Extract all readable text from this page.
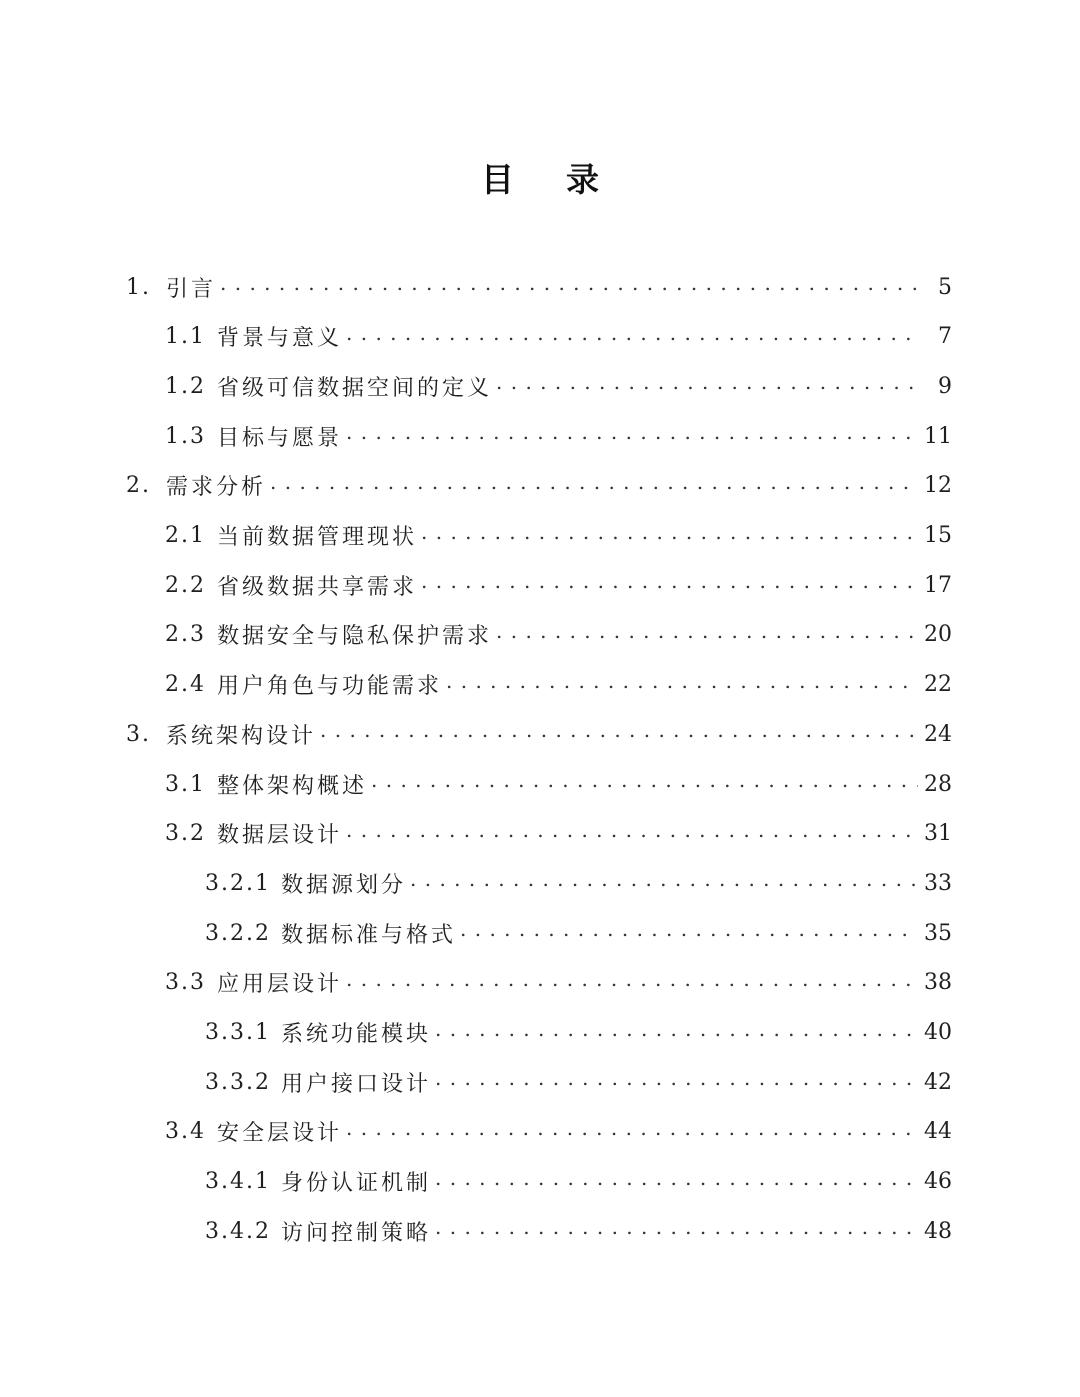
目录
1. 引言 . . .	5
1.1 背景与意义 . . .	7
1.2 省级可信数据空间的定义 . . .	9
1.3 目标与愿景 . . .	11
2. 需求分析 . . .	12
2.1 当前数据管理现状 . . .	15
2.2 省级数据共享需求 . . .	17
2.3 数据安全与隐私保护需求 . . .	20
2.4 用户角色与功能需求 . . .	22
3. 系统架构设计 . . .	24
3.1 整体架构概述 . . .	28
3.2 数据层设计 . . .	31
3.2.1 数据源划分 . . .	33
3.2.2 数据标准与格式 . . .	35
3.3 应用层设计 . . .	38
3.3.1 系统功能模块 . . .	40
3.3.2 用户接口设计 . . .	42
3.4 安全层设计 . . .	44
3.4.1 身份认证机制 . . .	46
3.4.2 访问控制策略 . . .	48
